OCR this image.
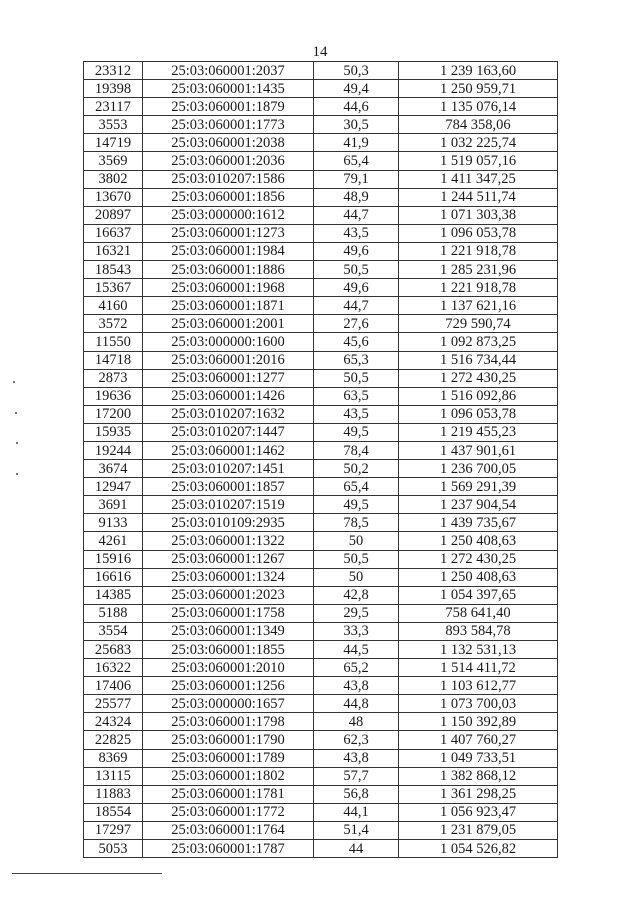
14
23312	25:03:060001:2037	50,3	1 239 163,60
19398	25:03:060001:1435	49,4	1 250 959,71
23117	25:03:060001:1879	44,6	1 135 076,14
3553	25:03:060001:1773	30,5	784 358,06
14719	25:03:060001:2038	41,9	1 032 225,74
3569	25:03:060001:2036	65,4	1 519 057,16
3802	25:03:010207:1586	79,1	1 411 347,25
13670	25:03:060001:1856	48,9	1 244 511,74
20897	25:03:000000:1612	44,7	1 071 303,38
16637	25:03:060001:1273	43,5	1 096 053,78
16321	25:03:060001:1984	49,6	1 221 918,78
18543	25:03:060001:1886	50,5	1 285 231,96
15367	25:03:060001:1968	49,6	1 221 918,78
4160	25:03:060001:1871	44,7	1 137 621,16
3572	25:03:060001:2001	27,6	729 590,74
11550	25:03:000000:1600	45,6	1 092 873,25
14718	25:03:060001:2016	65,3	1 516 734,44
2873	25:03:060001:1277	50,5	1 272 430,25
19636	25:03:060001:1426	63,5	1 516 092,86
17200	25:03:010207:1632	43,5	1 096 053,78
15935	25:03:010207:1447	49,5	1 219 455,23
19244	25:03:060001:1462	78,4	1 437 901,61
3674	25:03:010207:1451	50,2	1 236 700,05
12947	25:03:060001:1857	65,4	1 569 291,39
3691	25:03:010207:1519	49,5	1 237 904,54
9133	25:03:010109:2935	78,5	1 439 735,67
4261	25:03:060001:1322	50	1 250 408,63
15916	25:03:060001:1267	50,5	1 272 430,25
16616	25:03:060001:1324	50	1 250 408,63
14385	25:03:060001:2023	42,8	1 054 397,65
5188	25:03:060001:1758	29,5	758 641,40
3554	25:03:060001:1349	33,3	893 584,78
25683	25:03:060001:1855	44,5	1 132 531,13
16322	25:03:060001:2010	65,2	1 514 411,72
17406	25:03:060001:1256	43,8	1 103 612,77
25577	25:03:000000:1657	44,8	1 073 700,03
24324	25:03:060001:1798	48	1 150 392,89
22825	25:03:060001:1790	62,3	1 407 760,27
8369	25:03:060001:1789	43,8	1 049 733,51
13115	25:03:060001:1802	57,7	1 382 868,12
11883	25:03:060001:1781	56,8	1 361 298,25
18554	25:03:060001:1772	44,1	1 056 923,47
17297	25:03:060001:1764	51,4	1 231 879,05
5053	25:03:060001:1787	44	1 054 526,82
